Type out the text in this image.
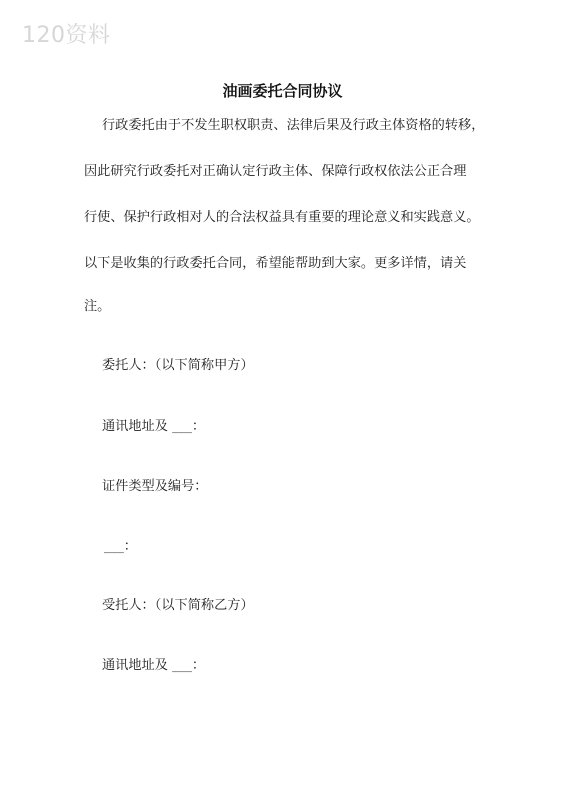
120资料
油画委托合同协议
行政委托由于不发生职权职责、法律后果及行政主体资格的转移，
因此研究行政委托对正确认定行政主体、保障行政权依法公正合理
行使、保护行政相对人的合法权益具有重要的理论意义和实践意义。
以下是收集的行政委托合同，希望能帮助到大家。更多详情，请关
注。
委托人：（以下简称甲方）
通讯地址及 ___：
证件类型及编号：
___：
受托人：（以下简称乙方）
通讯地址及 ___：
